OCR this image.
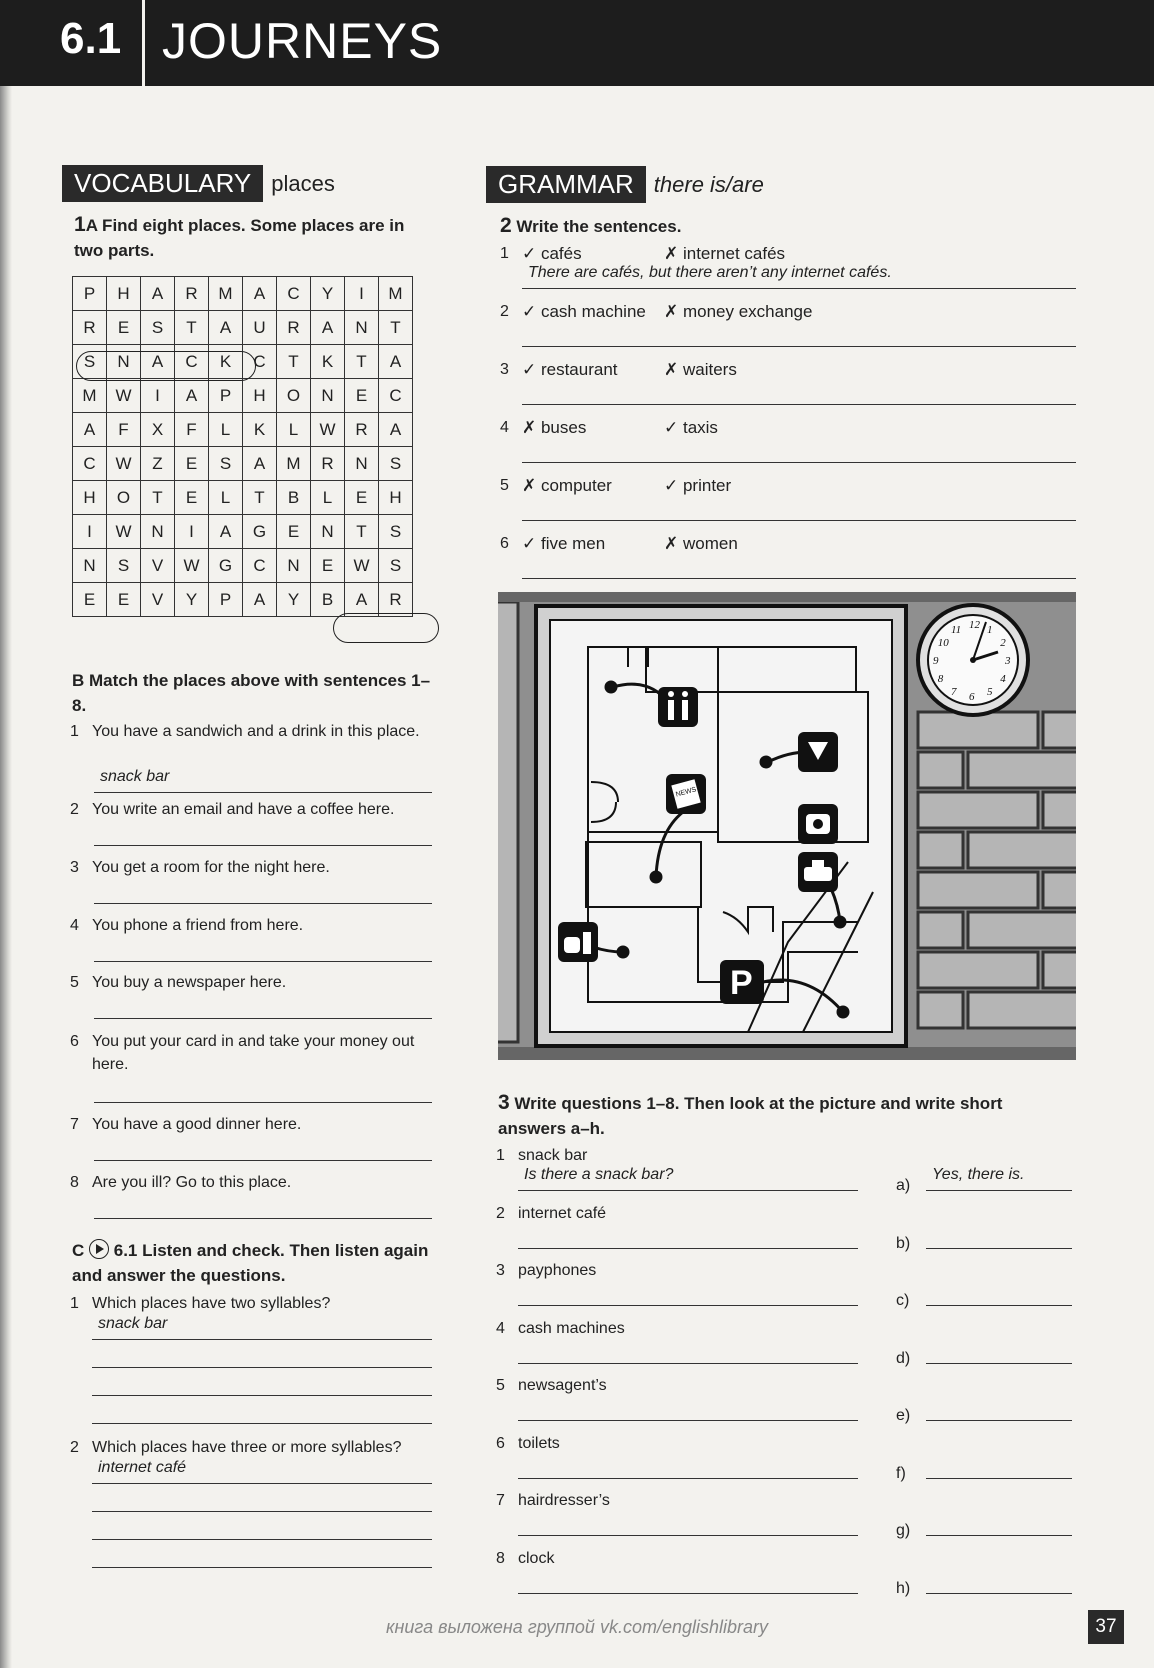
6.1 JOURNEYS
VOCABULARY places	GRAMMAR there is/are
1A Find eight places. Some places are in two parts.
P	H	A	R	M	A	C	Y	I	M
R	E	S	T	A	U	R	A	N	T
S	N	A	C	K	C	T	K	T	A
M	W	I	A	P	H	O	N	E	C
A	F	X	F	L	K	L	W	R	A
C	W	Z	E	S	A	M	R	N	S
H	O	T	E	L	T	B	L	E	H
I	W	N	I	A	G	E	N	T	S
N	S	V	W	G	C	N	E	W	S
E	E	V	Y	P	A	Y	B	A	R
B Match the places above with sentences 1–8.
1 You have a sandwich and a drink in this place.
snack bar
2 You write an email and have a coffee here.
3 You get a room for the night here.
4 You phone a friend from here.
5 You buy a newspaper here.
6 You put your card in and take your money out here.
7 You have a good dinner here.
8 Are you ill? Go to this place.
C 6.1 Listen and check. Then listen again and answer the questions.
1 Which places have two syllables?
snack bar
2 Which places have three or more syllables?
internet café
2 Write the sentences.
1 ✓ cafés	✗ internet cafés
There are cafés, but there aren’t any internet cafés.
2 ✓ cash machine ✗ money exchange
3 ✓ restaurant	✗ waiters
4 ✗ buses	✓ taxis
5 ✗ computer	✓ printer
6 ✓ five men	✗ women
NEWS
P
12 1
2
3
4
5
6
7
8
9
10
11
3 Write questions 1–8. Then look at the picture and write short answers a–h.
1 snack bar
Is there a snack bar?
a)
Yes, there is.
2 internet café
b)
3 payphones
c)
4 cash machines
d)
5 newsagent’s
e)
6 toilets
f)
7 hairdresser’s
g)
8 clock
h)
книга выложена группой vk.com/englishlibrary	37
